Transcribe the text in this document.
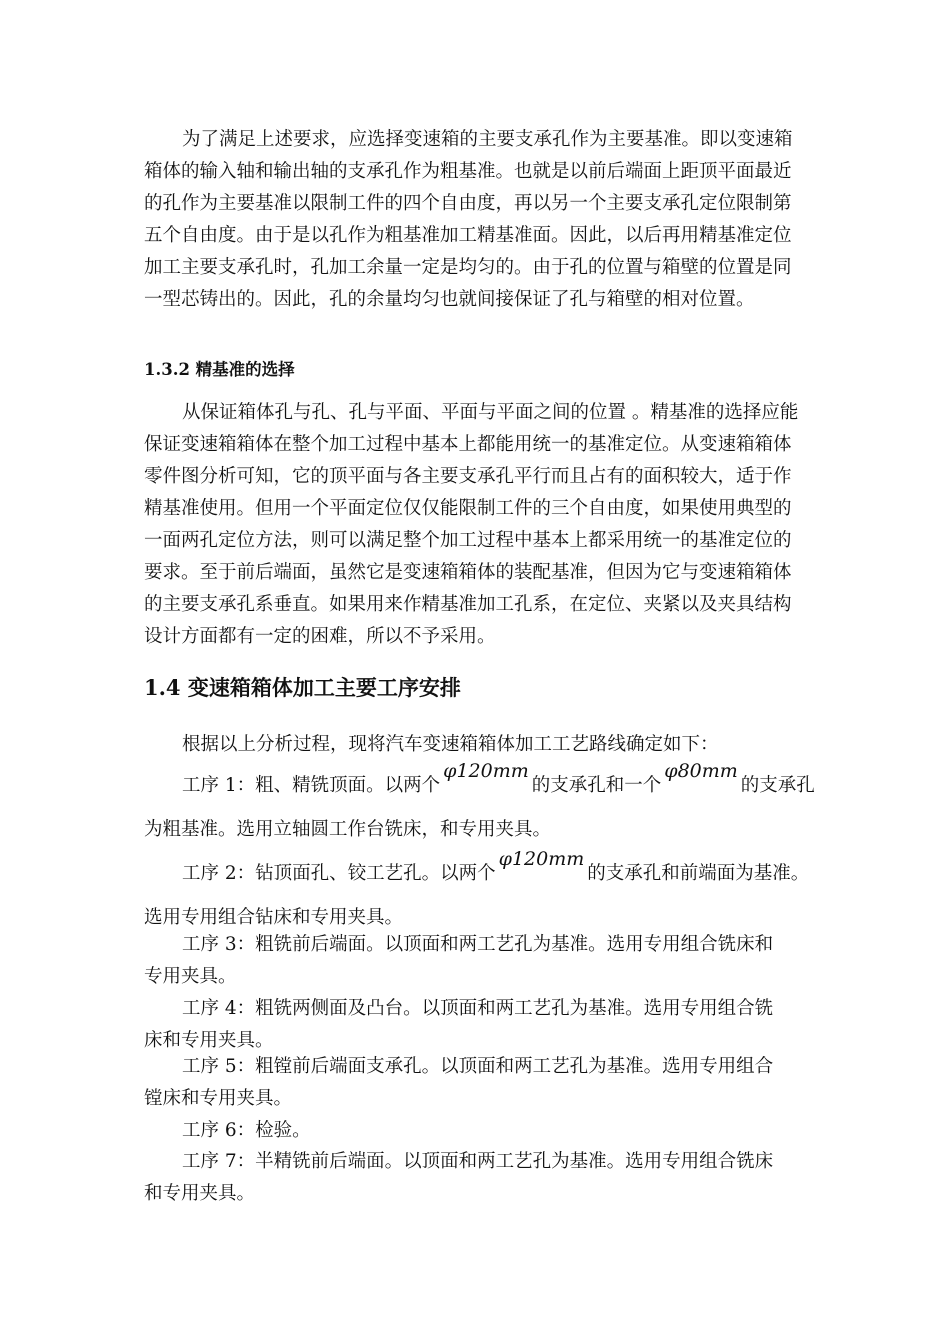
为了满足上述要求，应选择变速箱的主要支承孔作为主要基准。即以变速箱箱体的输入轴和输出轴的支承孔作为粗基准。也就是以前后端面上距顶平面最近的孔作为主要基准以限制工件的四个自由度，再以另一个主要支承孔定位限制第五个自由度。由于是以孔作为粗基准加工精基准面。因此，以后再用精基准定位加工主要支承孔时，孔加工余量一定是均匀的。由于孔的位置与箱壁的位置是同一型芯铸出的。因此，孔的余量均匀也就间接保证了孔与箱壁的相对位置。

1.3.2 精基准的选择

从保证箱体孔与孔、孔与平面、平面与平面之间的位置 。精基准的选择应能保证变速箱箱体在整个加工过程中基本上都能用统一的基准定位。从变速箱箱体零件图分析可知，它的顶平面与各主要支承孔平行而且占有的面积较大，适于作精基准使用。但用一个平面定位仅仅能限制工件的三个自由度，如果使用典型的一面两孔定位方法，则可以满足整个加工过程中基本上都采用统一的基准定位的要求。至于前后端面，虽然它是变速箱箱体的装配基准，但因为它与变速箱箱体的主要支承孔系垂直。如果用来作精基准加工孔系，在定位、夹紧以及夹具结构设计方面都有一定的困难，所以不予采用。

1.4 变速箱箱体加工主要工序安排

根据以上分析过程，现将汽车变速箱箱体加工工艺路线确定如下：

工序 1：粗、精铣顶面。以两个φ120mm的支承孔和一个φ80mm的支承孔

为粗基准。选用立轴圆工作台铣床，和专用夹具。

工序 2：钻顶面孔、铰工艺孔。以两个φ120mm的支承孔和前端面为基准。

选用专用组合钻床和专用夹具。

工序 3：粗铣前后端面。以顶面和两工艺孔为基准。选用专用组合铣床和

专用夹具。

工序 4：粗铣两侧面及凸台。以顶面和两工艺孔为基准。选用专用组合铣

床和专用夹具。

工序 5：粗镗前后端面支承孔。以顶面和两工艺孔为基准。选用专用组合

镗床和专用夹具。

工序 6：检验。

工序 7：半精铣前后端面。以顶面和两工艺孔为基准。选用专用组合铣床

和专用夹具。
